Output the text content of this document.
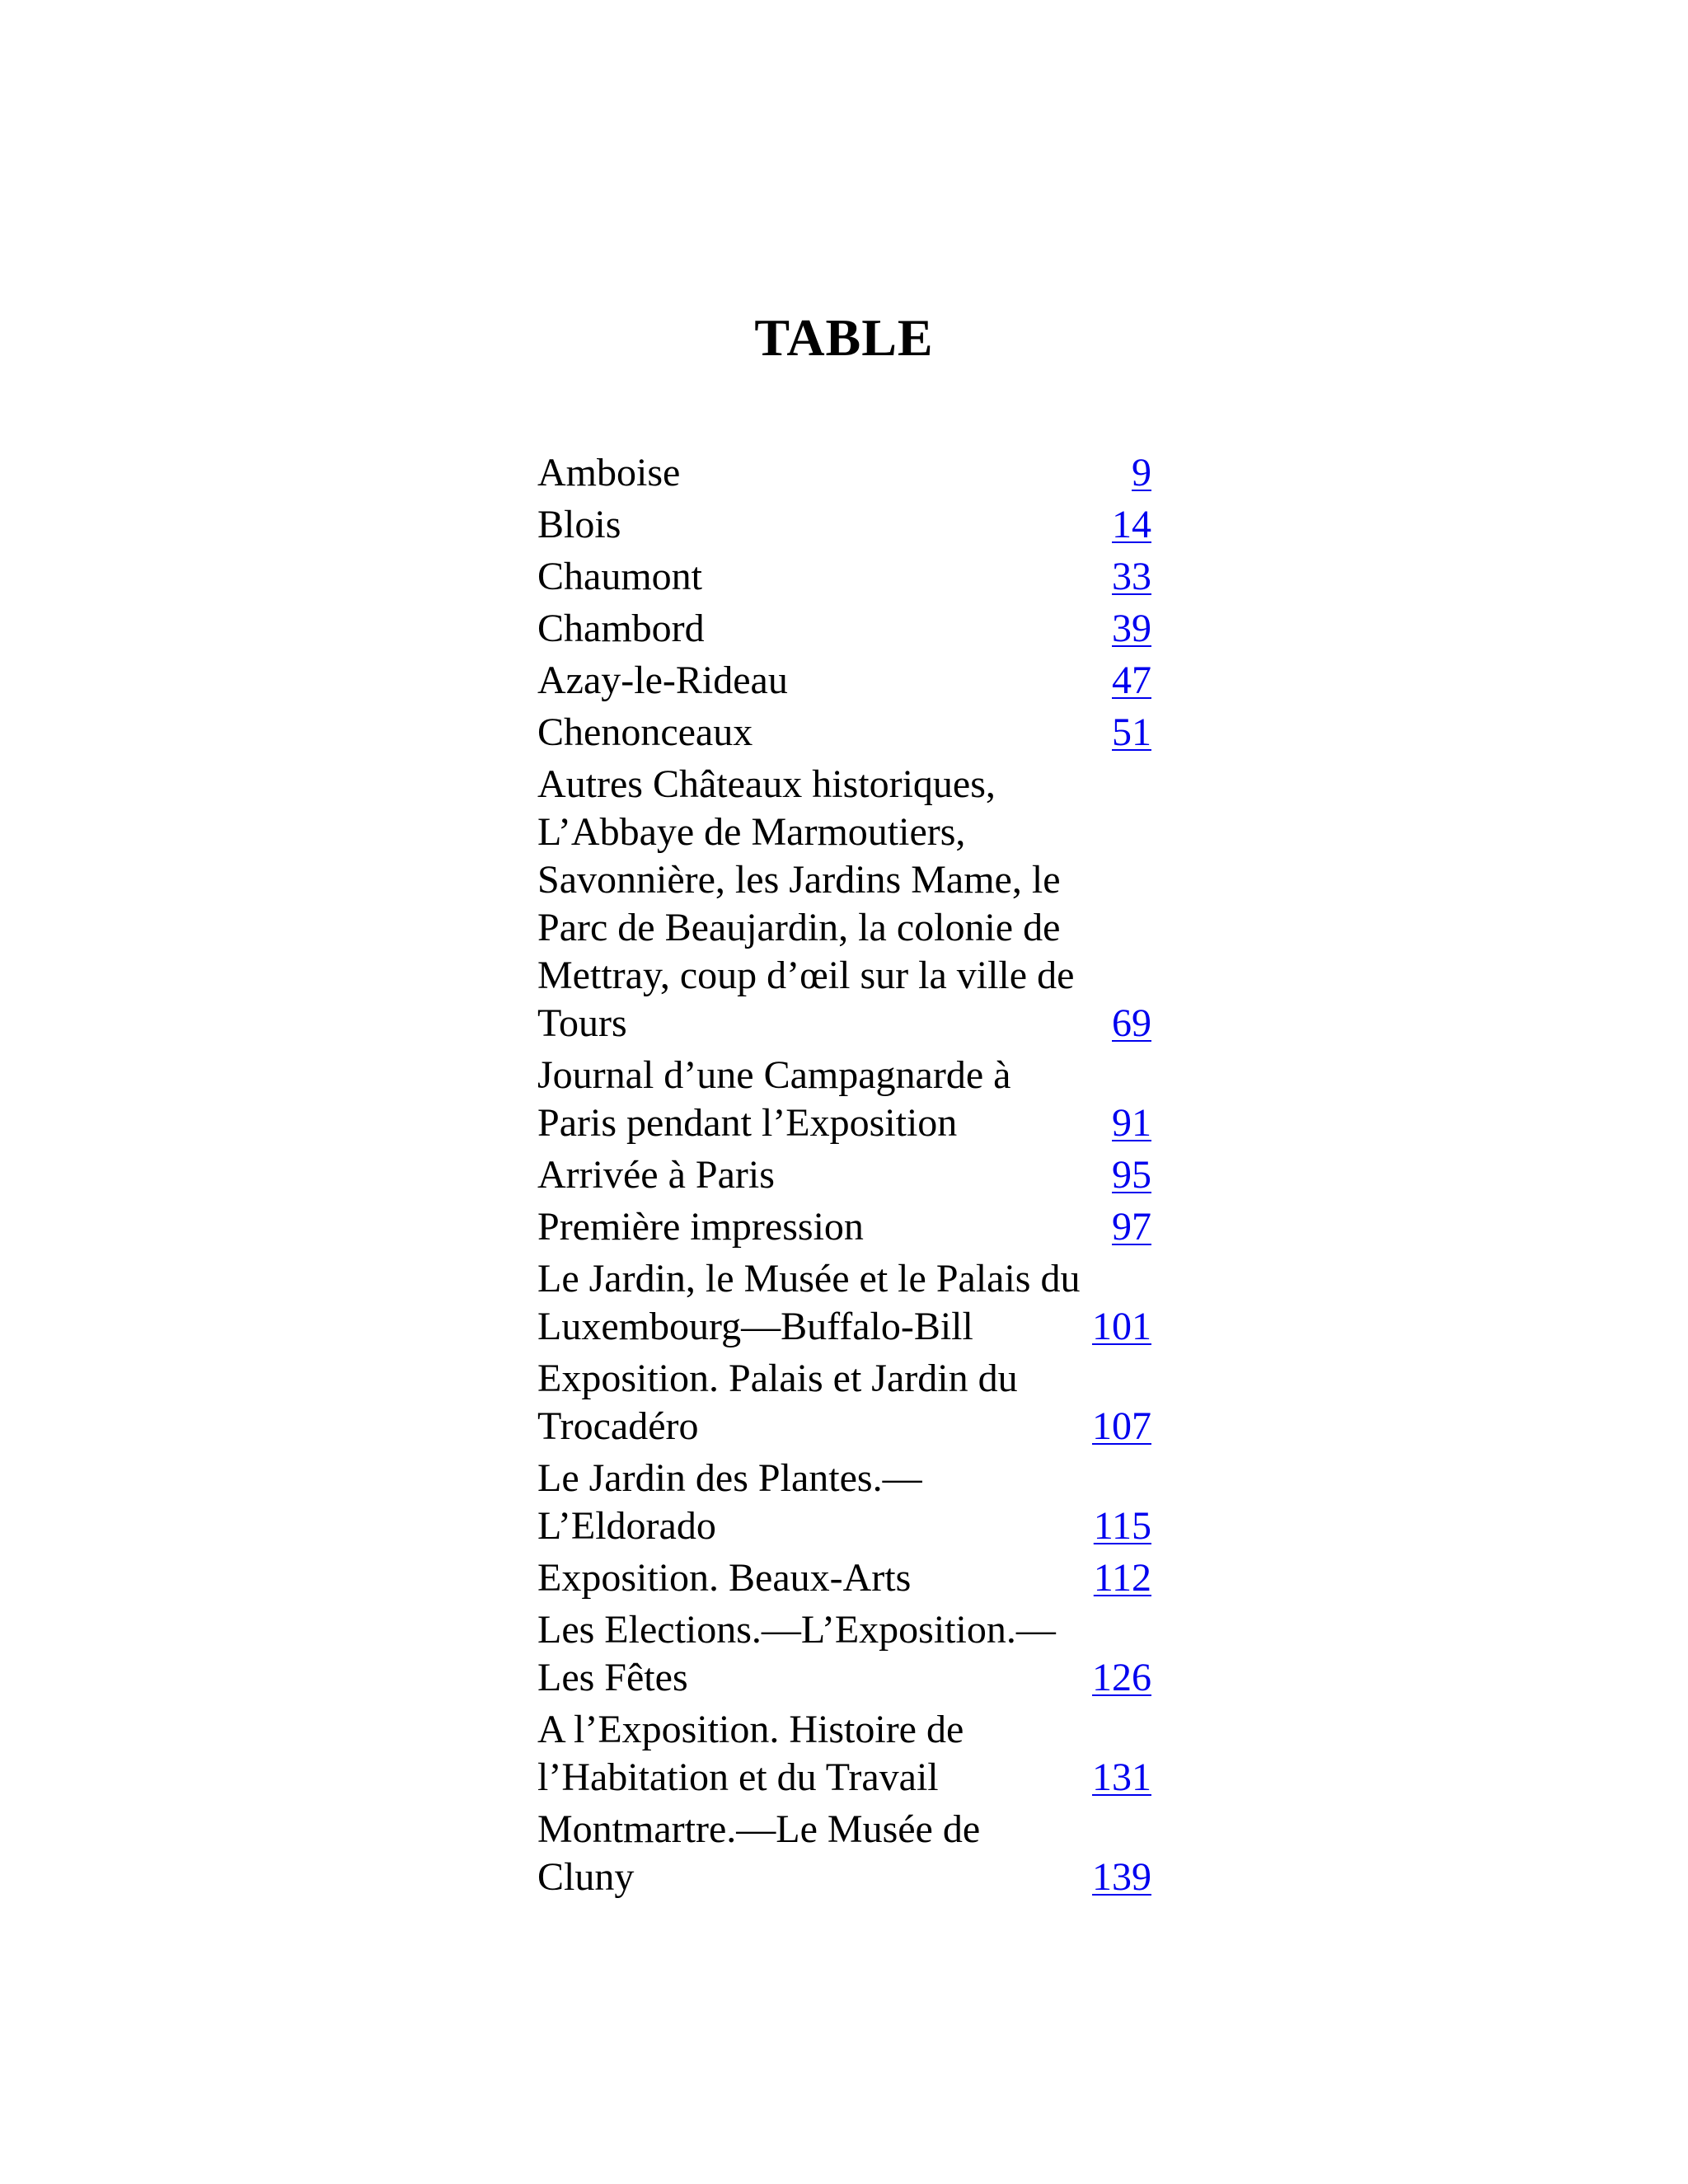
TABLE
Amboise	9
Blois	14
Chaumont	33
Chambord	39
Azay-le-Rideau	47
Chenonceaux	51
Autres Châteaux historiques, L’Abbaye de Marmoutiers, Savonnière, les Jardins Mame, le Parc de Beaujardin, la colonie de Mettray, coup d’œil sur la ville de Tours	69
Journal d’une Campagnarde à Paris pendant l’Exposition	91
Arrivée à Paris	95
Première impression	97
Le Jardin, le Musée et le Palais du Luxembourg—Buffalo-Bill	101
Exposition. Palais et Jardin du Trocadéro	107
Le Jardin des Plantes.—L’Eldorado	115
Exposition. Beaux-Arts	112
Les Elections.—L’Exposition.—Les Fêtes	126
A l’Exposition. Histoire de l’Habitation et du Travail	131
Montmartre.—Le Musée de Cluny	139
